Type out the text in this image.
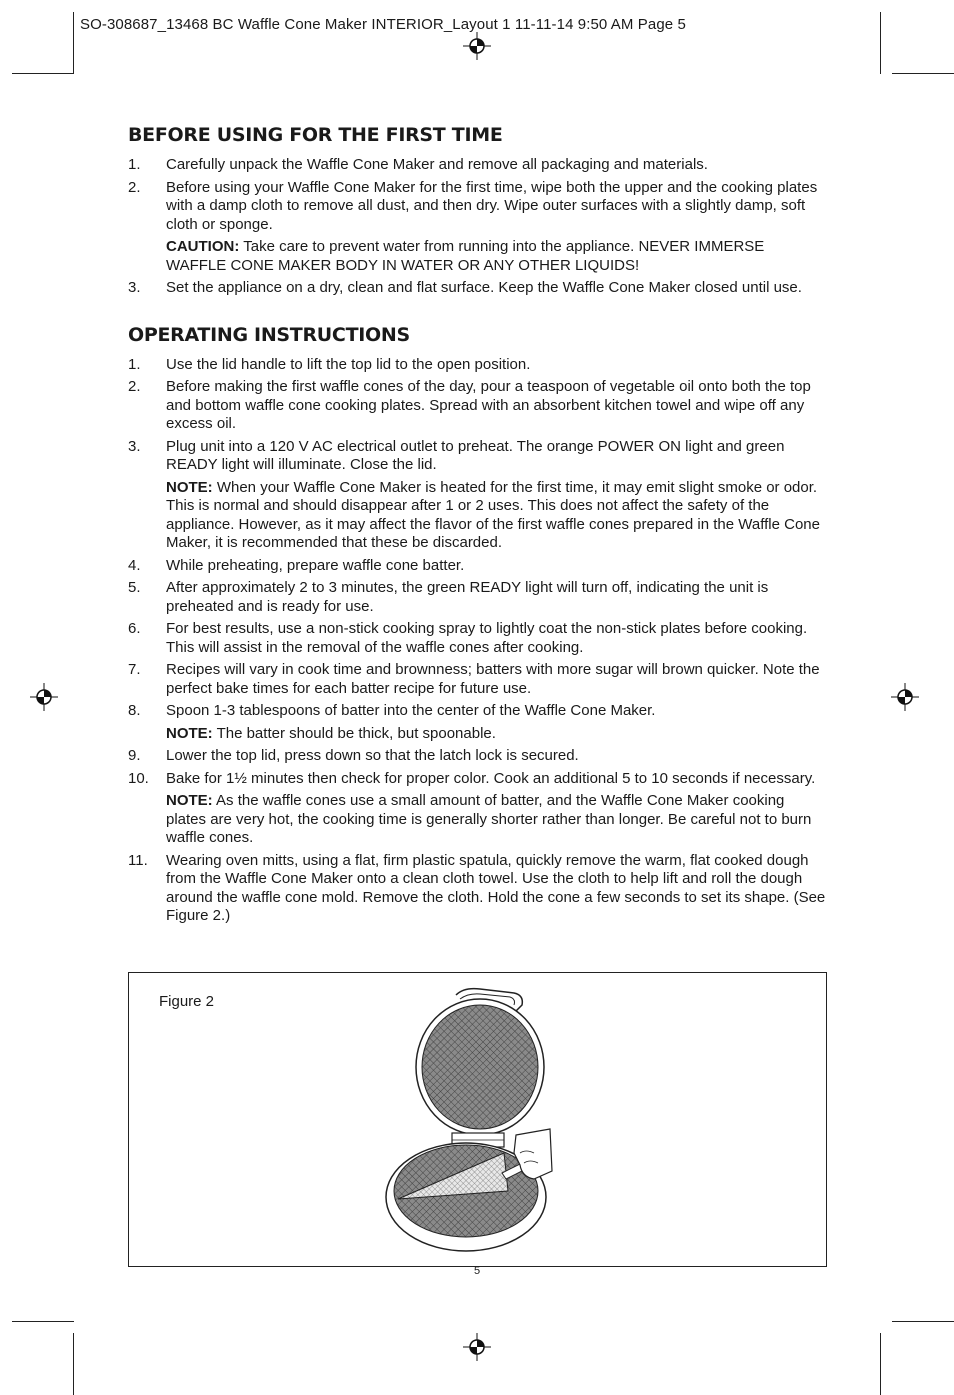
SO-308687_13468 BC Waffle Cone Maker INTERIOR_Layout 1 11-11-14 9:50 AM Page 5
BEFORE USING FOR THE FIRST TIME
1. Carefully unpack the Waffle Cone Maker and remove all packaging and materials.
2. Before using your Waffle Cone Maker for the first time, wipe both the upper and the cooking plates with a damp cloth to remove all dust, and then dry. Wipe outer surfaces with a slightly damp, soft cloth or sponge.
CAUTION: Take care to prevent water from running into the appliance. NEVER IMMERSE WAFFLE CONE MAKER BODY IN WATER OR ANY OTHER LIQUIDS!
3. Set the appliance on a dry, clean and flat surface. Keep the Waffle Cone Maker closed until use.
OPERATING INSTRUCTIONS
1. Use the lid handle to lift the top lid to the open position.
2. Before making the first waffle cones of the day, pour a teaspoon of vegetable oil onto both the top and bottom waffle cone cooking plates. Spread with an absorbent kitchen towel and wipe off any excess oil.
3. Plug unit into a 120 V AC electrical outlet to preheat. The orange POWER ON light and green READY light will illuminate. Close the lid.
NOTE: When your Waffle Cone Maker is heated for the first time, it may emit slight smoke or odor. This is normal and should disappear after 1 or 2 uses. This does not affect the safety of the appliance. However, as it may affect the flavor of the first waffle cones prepared in the Waffle Cone Maker, it is recommended that these be discarded.
4. While preheating, prepare waffle cone batter.
5. After approximately 2 to 3 minutes, the green READY light will turn off, indicating the unit is preheated and is ready for use.
6. For best results, use a non-stick cooking spray to lightly coat the non-stick plates before cooking. This will assist in the removal of the waffle cones after cooking.
7. Recipes will vary in cook time and brownness; batters with more sugar will brown quicker. Note the perfect bake times for each batter recipe for future use.
8. Spoon 1-3 tablespoons of batter into the center of the Waffle Cone Maker.
NOTE: The batter should be thick, but spoonable.
9. Lower the top lid, press down so that the latch lock is secured.
10. Bake for 1½ minutes then check for proper color. Cook an additional 5 to 10 seconds if necessary.
NOTE: As the waffle cones use a small amount of batter, and the Waffle Cone Maker cooking plates are very hot, the cooking time is generally shorter rather than longer. Be careful not to burn waffle cones.
11. Wearing oven mitts, using a flat, firm plastic spatula, quickly remove the warm, flat cooked dough from the Waffle Cone Maker onto a clean cloth towel. Use the cloth to help lift and roll the dough around the waffle cone mold. Remove the cloth. Hold the cone a few seconds to set its shape. (See Figure 2.)
Figure 2
5
